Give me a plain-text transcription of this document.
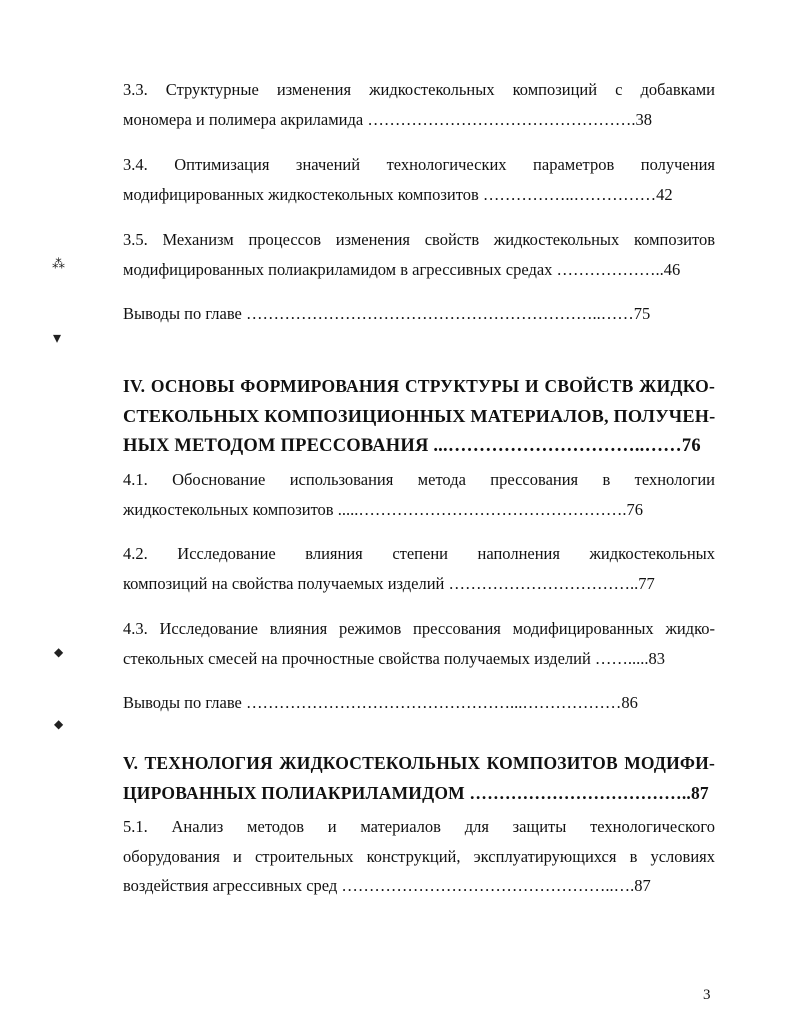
3.3. Структурные изменения жидкостекольных композиций с добавками
мономера и полимера акриламида ………………………………………….38
3.4. Оптимизация значений технологических параметров получения
модифицированных жидкостекольных композитов ……………..……………42
3.5. Механизм процессов изменения свойств жидкостекольных композитов
модифицированных полиакриламидом в агрессивных средах ………………..46
Выводы по главе ………………………………………………………..……75
IV. ОСНОВЫ ФОРМИРОВАНИЯ СТРУКТУРЫ И СВОЙСТВ ЖИДКО-
СТЕКОЛЬНЫХ КОМПОЗИЦИОННЫХ МАТЕРИАЛОВ, ПОЛУЧЕН-
НЫХ МЕТОДОМ ПРЕССОВАНИЯ ...…………………………..……76
4.1. Обоснование использования метода прессования в технологии
жидкостекольных композитов .....………………………………………….76
4.2. Исследование влияния степени наполнения жидкостекольных
композиций на свойства получаемых изделий ……………………………..77
4.3. Исследование влияния режимов прессования модифицированных жидко-
стекольных смесей на прочностные свойства получаемых изделий …….....83
Выводы по главе …………………………………………...………………86
V. ТЕХНОЛОГИЯ ЖИДКОСТЕКОЛЬНЫХ КОМПОЗИТОВ МОДИФИ-
ЦИРОВАННЫХ ПОЛИАКРИЛАМИДОМ ………………………………..87
5.1. Анализ методов и материалов для защиты технологического
оборудования и строительных конструкций, эксплуатирующихся в условиях
воздействия агрессивных сред …………………………………………..….87
3
⁂
▾
◆
◆
